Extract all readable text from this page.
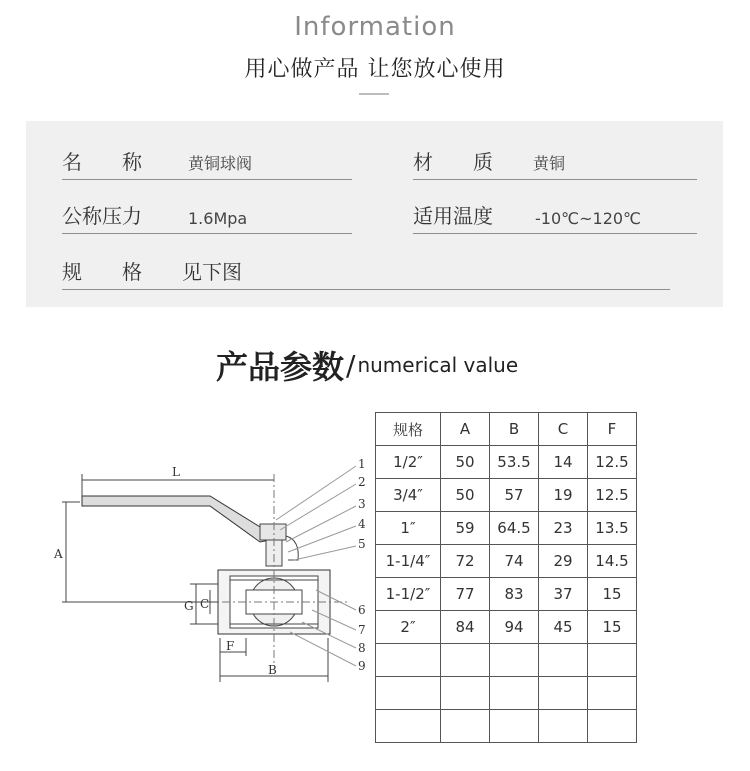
Information
用心做产品 让您放心使用
名　　称	黄铜球阀	材　　质	黄铜
公称压力	1.6Mpa	适用温度	-10℃~120℃
规　　格 见下图
产品参数/ numerical value
L
A
G C
F
B
1
2
3
4
5
6
7
8
9
规格	A	B	C	F
1/2″	50	53.5	14	12.5
3/4″	50	57	19	12.5
1″	59	64.5	23	13.5
1-1/4″	72	74	29	14.5
1-1/2″	77	83	37	15
2″	84	94	45	15
